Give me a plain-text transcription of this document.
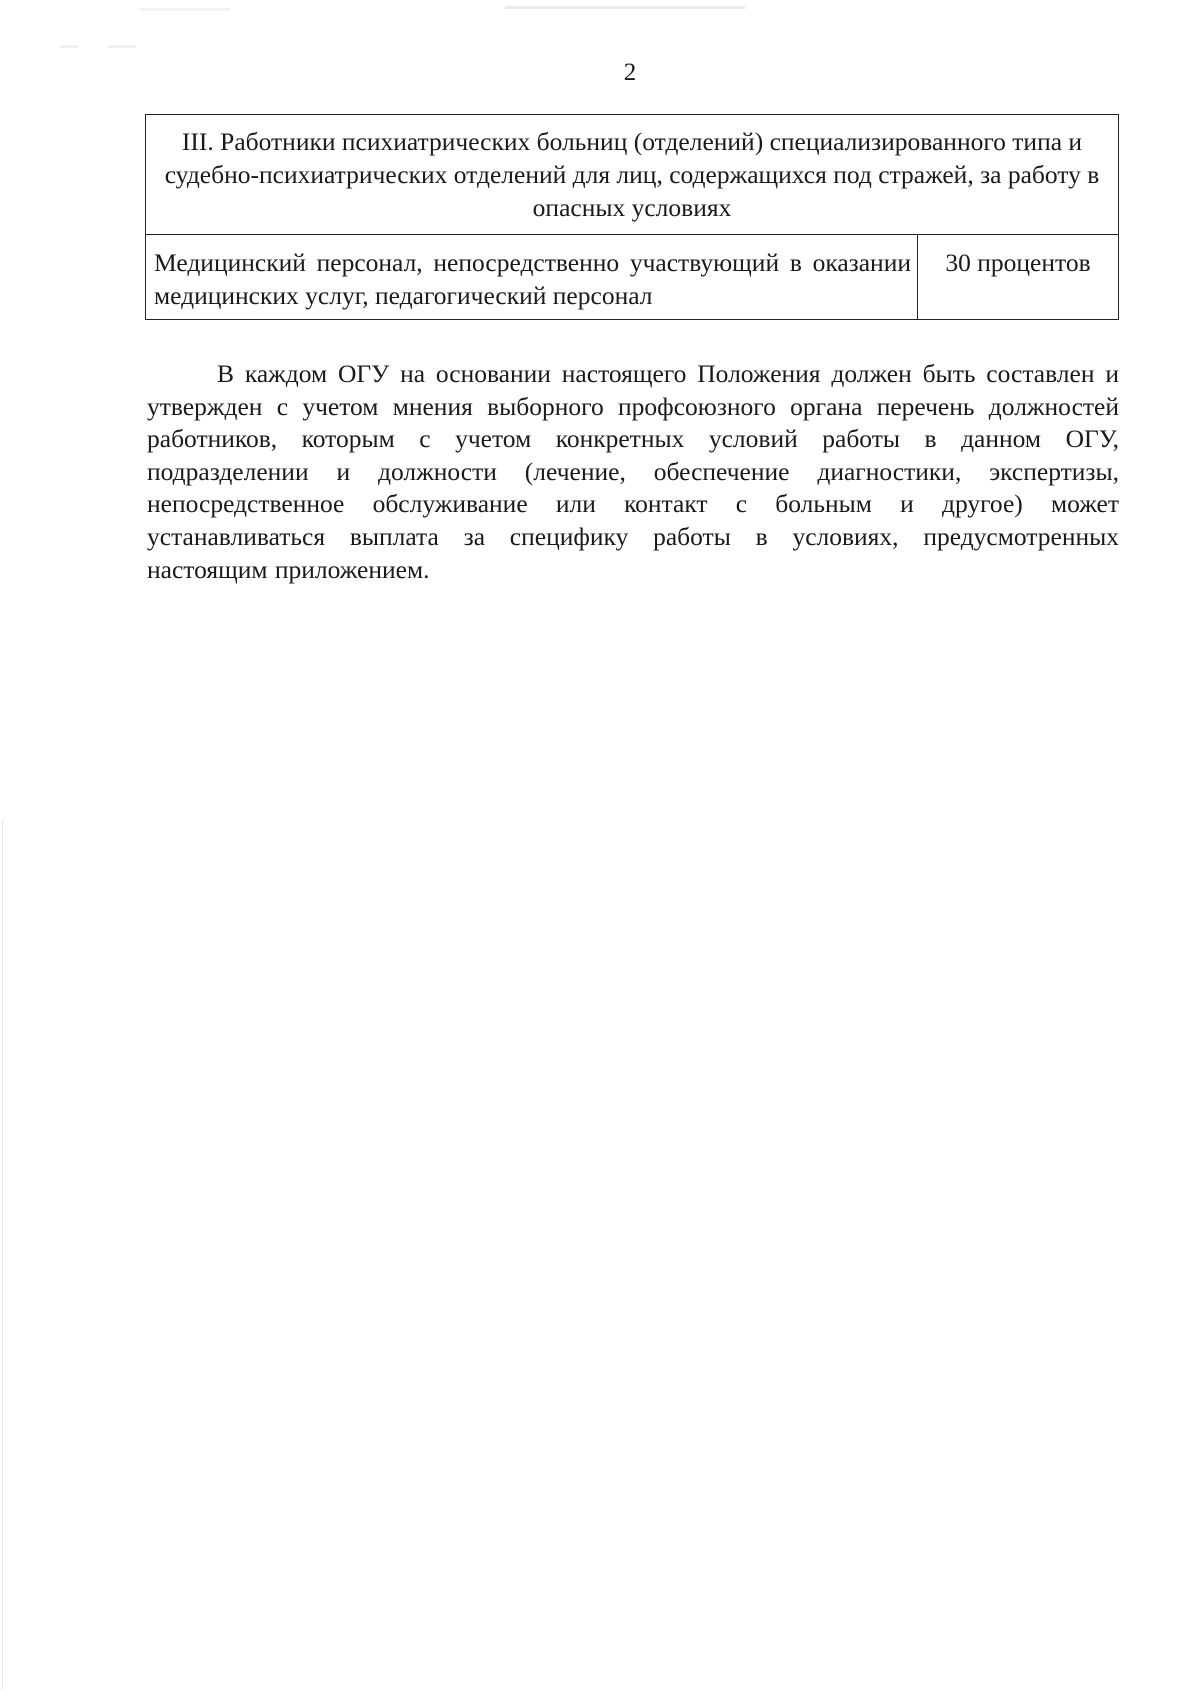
2
III. Работники психиатрических больниц (отделений) специализированного типа и судебно-психиатрических отделений для лиц, содержащихся под стражей, за работу в опасных условиях
Медицинский персонал, непосредственно участвующий в оказании медицинских услуг, педагогический персонал	30 процентов

В каждом ОГУ на основании настоящего Положения должен быть составлен и утвержден с учетом мнения выборного профсоюзного органа перечень должностей работников, которым с учетом конкретных условий работы в данном ОГУ, подразделении и должности (лечение, обеспечение диагностики, экспертизы, непосредственное обслуживание или контакт с больным и другое) может устанавливаться выплата за специфику работы в условиях, предусмотренных настоящим приложением.
